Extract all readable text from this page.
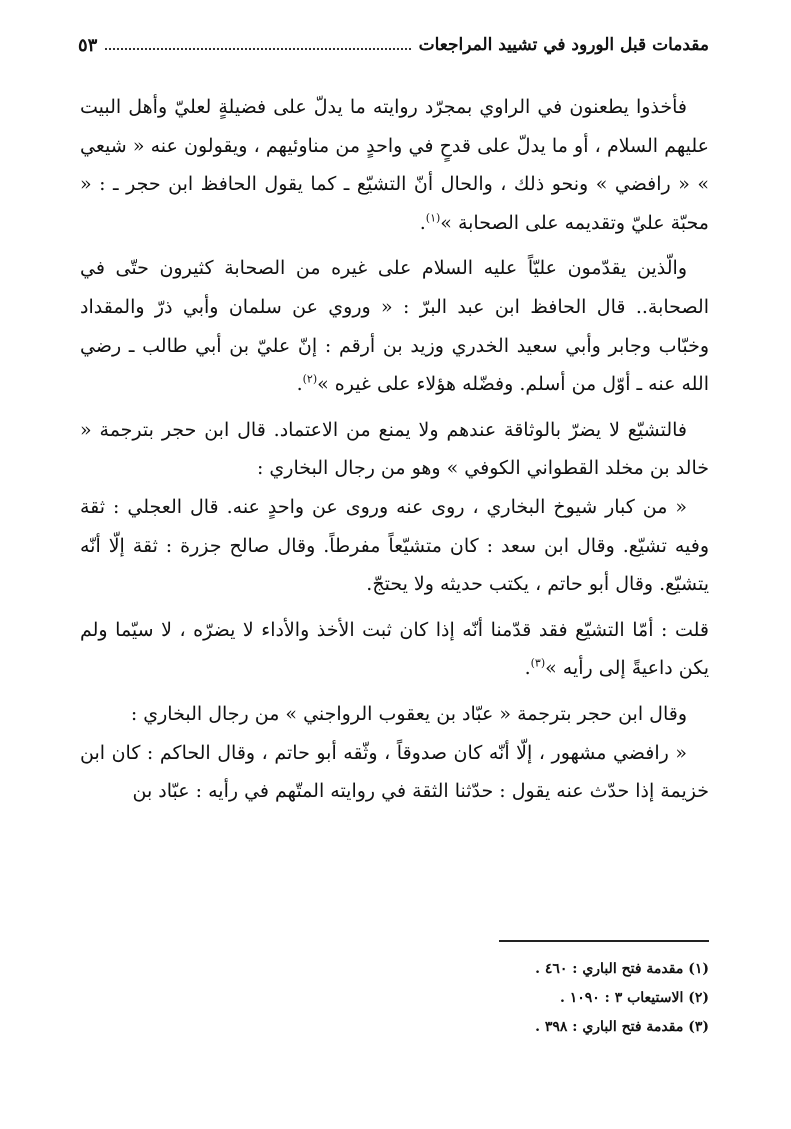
مقدمات قبل الورود في تشييد المراجعات
٥٣

فأخذوا يطعنون في الراوي بمجرّد روايته ما يدلّ على فضيلةٍ لعليّ وأهل البيت عليهم السلام ، أو ما يدلّ على قدحٍ في واحدٍ من مناوئيهم ، ويقولون عنه « شيعي » « رافضي » ونحو ذلك ، والحال أنّ التشيّع ـ كما يقول الحافظ ابن حجر ـ : « محبّة عليّ وتقديمه على الصحابة »$^{(١)}$.

والّذين يقدّمون عليّاً عليه السلام على غيره من الصحابة كثيرون حتّى في الصحابة.. قال الحافظ ابن عبد البرّ : « وروي عن سلمان وأبي ذرّ والمقداد وخبّاب وجابر وأبي سعيد الخدري وزيد بن أرقم : إنّ عليّ بن أبي طالب ـ رضي الله عنه ـ أوّل من أسلم. وفضّله هؤلاء على غيره »$^{(٢)}$.

فالتشيّع لا يضرّ بالوثاقة عندهم ولا يمنع من الاعتماد. قال ابن حجر بترجمة « خالد بن مخلد القطواني الكوفي » وهو من رجال البخاري :

« من كبار شيوخ البخاري ، روى عنه وروى عن واحدٍ عنه. قال العجلي : ثقة وفيه تشيّع. وقال ابن سعد : كان متشيّعاً مفرطاً. وقال صالح جزرة : ثقة إلّا أنّه يتشيّع. وقال أبو حاتم ، يكتب حديثه ولا يحتجّ.

قلت : أمّا التشيّع فقد قدّمنا أنّه إذا كان ثبت الأخذ والأداء لا يضرّه ، لا سيّما ولم يكن داعيةً إلى رأيه »$^{(٣)}$.

وقال ابن حجر بترجمة « عبّاد بن يعقوب الرواجني » من رجال البخاري :

« رافضي مشهور ، إلّا أنّه كان صدوقاً ، وثّقه أبو حاتم ، وقال الحاكم : كان ابن خزيمة إذا حدّث عنه يقول : حدّثنا الثقة في روايته المتّهم في رأيه : عبّاد بن

(١) مقدمة فتح الباري : ٤٦٠ .
(٢) الاستيعاب ٣ : ١٠٩٠ .
(٣) مقدمة فتح الباري : ٣٩٨ .
